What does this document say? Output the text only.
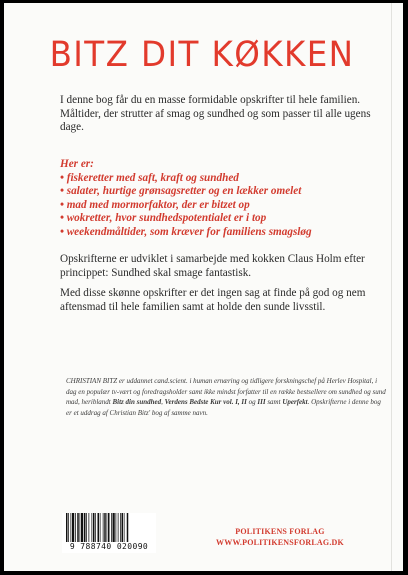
BITZ DIT KØKKEN
I denne bog får du en masse formidable opskrifter til hele familien. Måltider, der strutter af smag og sundhed og som passer til alle ugens dage.
Her er:
• fiskeretter med saft, kraft og sundhed
• salater, hurtige grønsagsretter og en lækker omelet
• mad med mormorfaktor, der er bitzet op
• wokretter, hvor sundhedspotentialet er i top
• weekendmåltider, som kræver for familiens smagsløg
Opskrifterne er udviklet i samarbejde med kokken Claus Holm efter princippet: Sundhed skal smage fantastisk.
Med disse skønne opskrifter er det ingen sag at finde på god og nem aftensmad til hele familien samt at holde den sunde livsstil.
CHRISTIAN BITZ er uddannet cand.scient. i human ernæring og tidligere forskningschef på Herlev Hospital, i dag en populær tv-vært og foredragsholder samt ikke mindst forfatter til en række bestsellere om sundhed og sund mad, heriblandt Bitz din sundhed, Verdens Bedste Kur vol. I, II og III samt Uperfekt. Opskrifterne i denne bog er et uddrag af Christian Bitz' bog af samme navn.
9 788740 020090
POLITIKENS FORLAG
WWW.POLITIKENSFORLAG.DK
